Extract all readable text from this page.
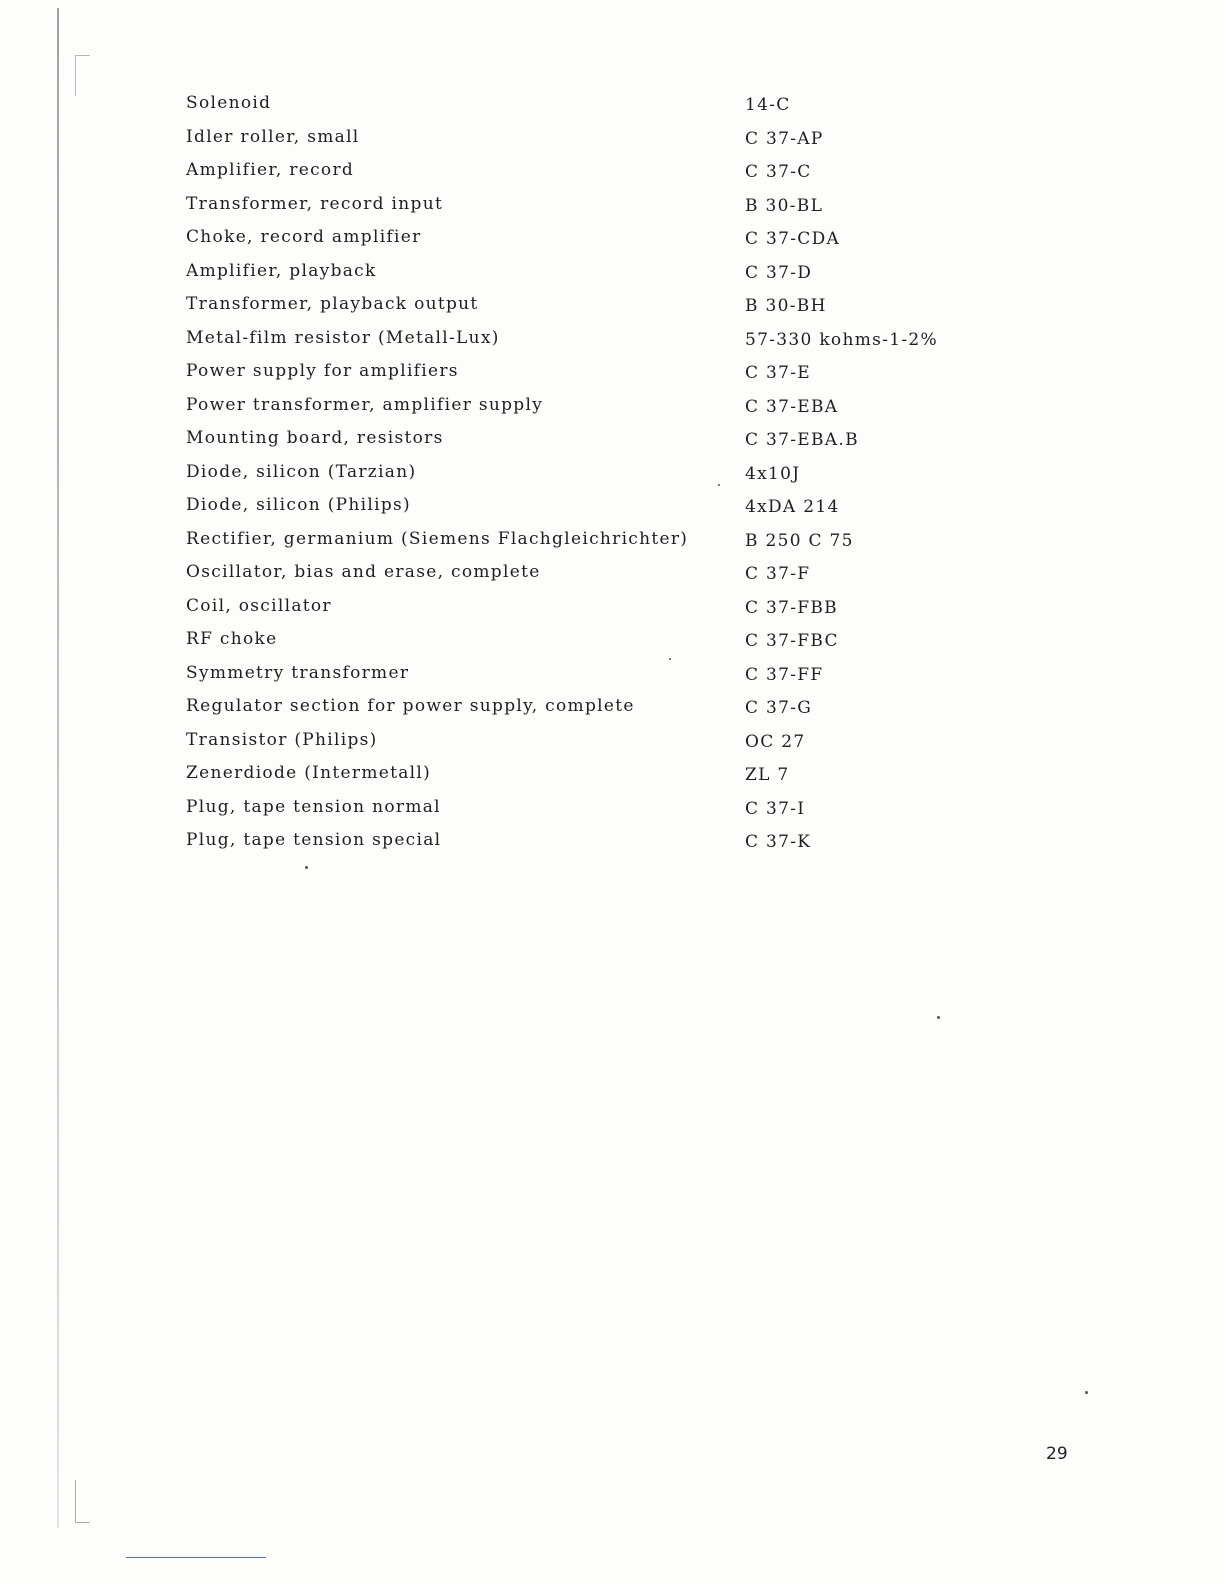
Solenoid	14-C
Idler roller, small	C 37-AP
Amplifier, record	C 37-C
Transformer, record input	B 30-BL
Choke, record amplifier	C 37-CDA
Amplifier, playback	C 37-D
Transformer, playback output	B 30-BH
Metal-film resistor (Metall-Lux)	57-330 kohms-1-2%
Power supply for amplifiers	C 37-E
Power transformer, amplifier supply	C 37-EBA
Mounting board, resistors	C 37-EBA.B
Diode, silicon (Tarzian)	4x10J
Diode, silicon (Philips)	4xDA 214
Rectifier, germanium (Siemens Flachgleichrichter)	B 250 C 75
Oscillator, bias and erase, complete	C 37-F
Coil, oscillator	C 37-FBB
RF choke	C 37-FBC
Symmetry transformer	C 37-FF
Regulator section for power supply, complete	C 37-G
Transistor (Philips)	OC 27
Zenerdiode (Intermetall)	ZL 7
Plug, tape tension normal	C 37-I
Plug, tape tension special	C 37-K
29
